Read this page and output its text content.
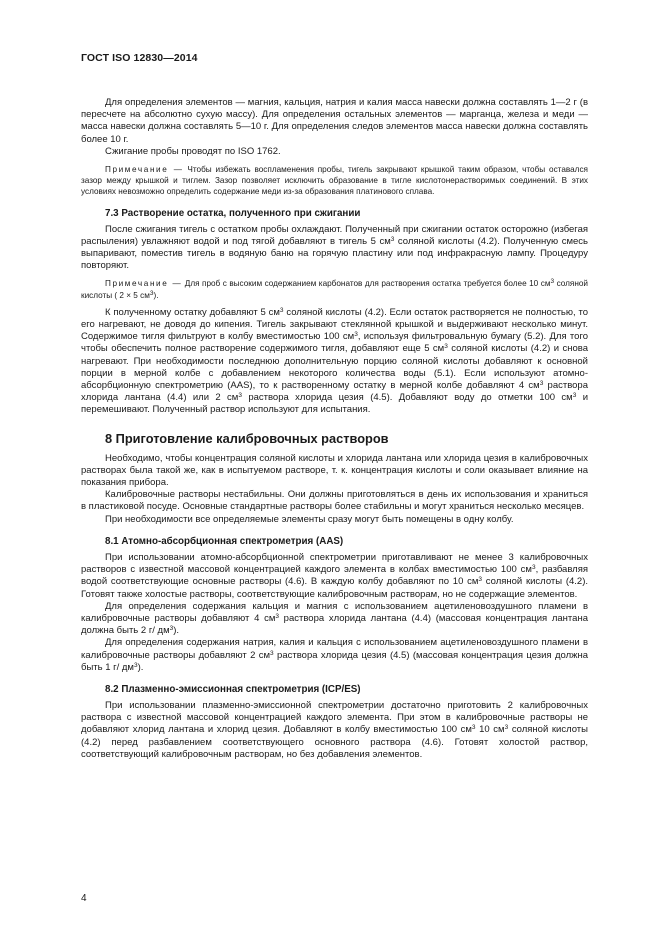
ГОСТ ISO 12830—2014

Для определения элементов — магния, кальция, натрия и калия масса навески должна составлять 1—2 г (в пересчете на абсолютно сухую массу). Для определения остальных элементов — марганца, железа и меди — масса навески должна составлять 5—10 г. Для определения следов элементов масса навески должна составлять более 10 г.

Сжигание пробы проводят по ISO 1762.

Примечание — Чтобы избежать воспламенения пробы, тигель закрывают крышкой таким образом, чтобы оставался зазор между крышкой и тиглем. Зазор позволяет исключить образование в тигле кислотонерастворимых соединений. В этих условиях невозможно определить содержание меди из-за образования платинового сплава.

7.3 Растворение остатка, полученного при сжигании

После сжигания тигель с остатком пробы охлаждают. Полученный при сжигании остаток осторожно (избегая распыления) увлажняют водой и под тягой добавляют в тигель 5 $см^3$ соляной кислоты (4.2). Полученную смесь выпаривают, поместив тигель в водяную баню на горячую пластину или под инфракрасную лампу. Процедуру повторяют.

Примечание — Для проб с высоким содержанием карбонатов для растворения остатка требуется более 10 $см^3$ соляной кислоты ( 2 × 5 $см^3$).

К полученному остатку добавляют 5 $см^3$ соляной кислоты (4.2). Если остаток растворяется не полностью, то его нагревают, не доводя до кипения. Тигель закрывают стеклянной крышкой и выдерживают несколько минут. Содержимое тигля фильтруют в колбу вместимостью 100 $см^3$, используя фильтровальную бумагу (5.2). Для того чтобы обеспечить полное растворение содержимого тигля, добавляют еще 5 $см^3$ соляной кислоты (4.2) и снова нагревают. При необходимости последнюю дополнительную порцию соляной кислоты добавляют к основной порции в мерной колбе с добавлением некоторого количества воды (5.1). Если используют атомно-абсорбционную спектрометрию (AAS), то к растворенному остатку в мерной колбе добавляют 4 $см^3$ раствора хлорида лантана (4.4) или 2 $см^3$ раствора хлорида цезия (4.5). Добавляют воду до отметки 100 $см^3$ и перемешивают. Полученный раствор используют для испытания.

8 Приготовление калибровочных растворов

Необходимо, чтобы концентрация соляной кислоты и хлорида лантана или хлорида цезия в калибровочных растворах была такой же, как в испытуемом растворе, т. к. концентрация кислоты и соли оказывает влияние на показания прибора.

Калибровочные растворы нестабильны. Они должны приготовляться в день их использования и храниться в пластиковой посуде. Основные стандартные растворы более стабильны и могут храниться несколько месяцев.

При необходимости все определяемые элементы сразу могут быть помещены в одну колбу.

8.1 Атомно-абсорбционная спектрометрия (AAS)

При использовании атомно-абсорбционной спектрометрии приготавливают не менее 3 калибровочных растворов с известной массовой концентрацией каждого элемента в колбах вместимостью 100 $см^3$, разбавляя водой соответствующие основные растворы (4.6). В каждую колбу добавляют по 10 $см^3$ соляной кислоты (4.2). Готовят также холостые растворы, соответствующие калибровочным растворам, но не содержащие элементов.

Для определения содержания кальция и магния с использованием ацетиленовоздушного пламени в калибровочные растворы добавляют 4 $см^3$ раствора хлорида лантана (4.4) (массовая концентрация лантана должна быть 2 г/ $дм^3$).

Для определения содержания натрия, калия и кальция с использованием ацетиленовоздушного пламени в калибровочные растворы добавляют 2 $см^3$ раствора хлорида цезия (4.5) (массовая концентрация цезия должна быть 1 г/ $дм^3$).

8.2 Плазменно-эмиссионная спектрометрия (ICP/ES)

При использовании плазменно-эмиссионной спектрометрии достаточно приготовить 2 калибровочных раствора с известной массовой концентрацией каждого элемента. При этом в калибровочные растворы не добавляют хлорид лантана и хлорид цезия. Добавляют в колбу вместимостью 100 $см^3$ 10 $см^3$ соляной кислоты (4.2) перед разбавлением соответствующего основного раствора (4.6). Готовят холостой раствор, соответствующий калибровочным растворам, но без добавления элементов.

4
